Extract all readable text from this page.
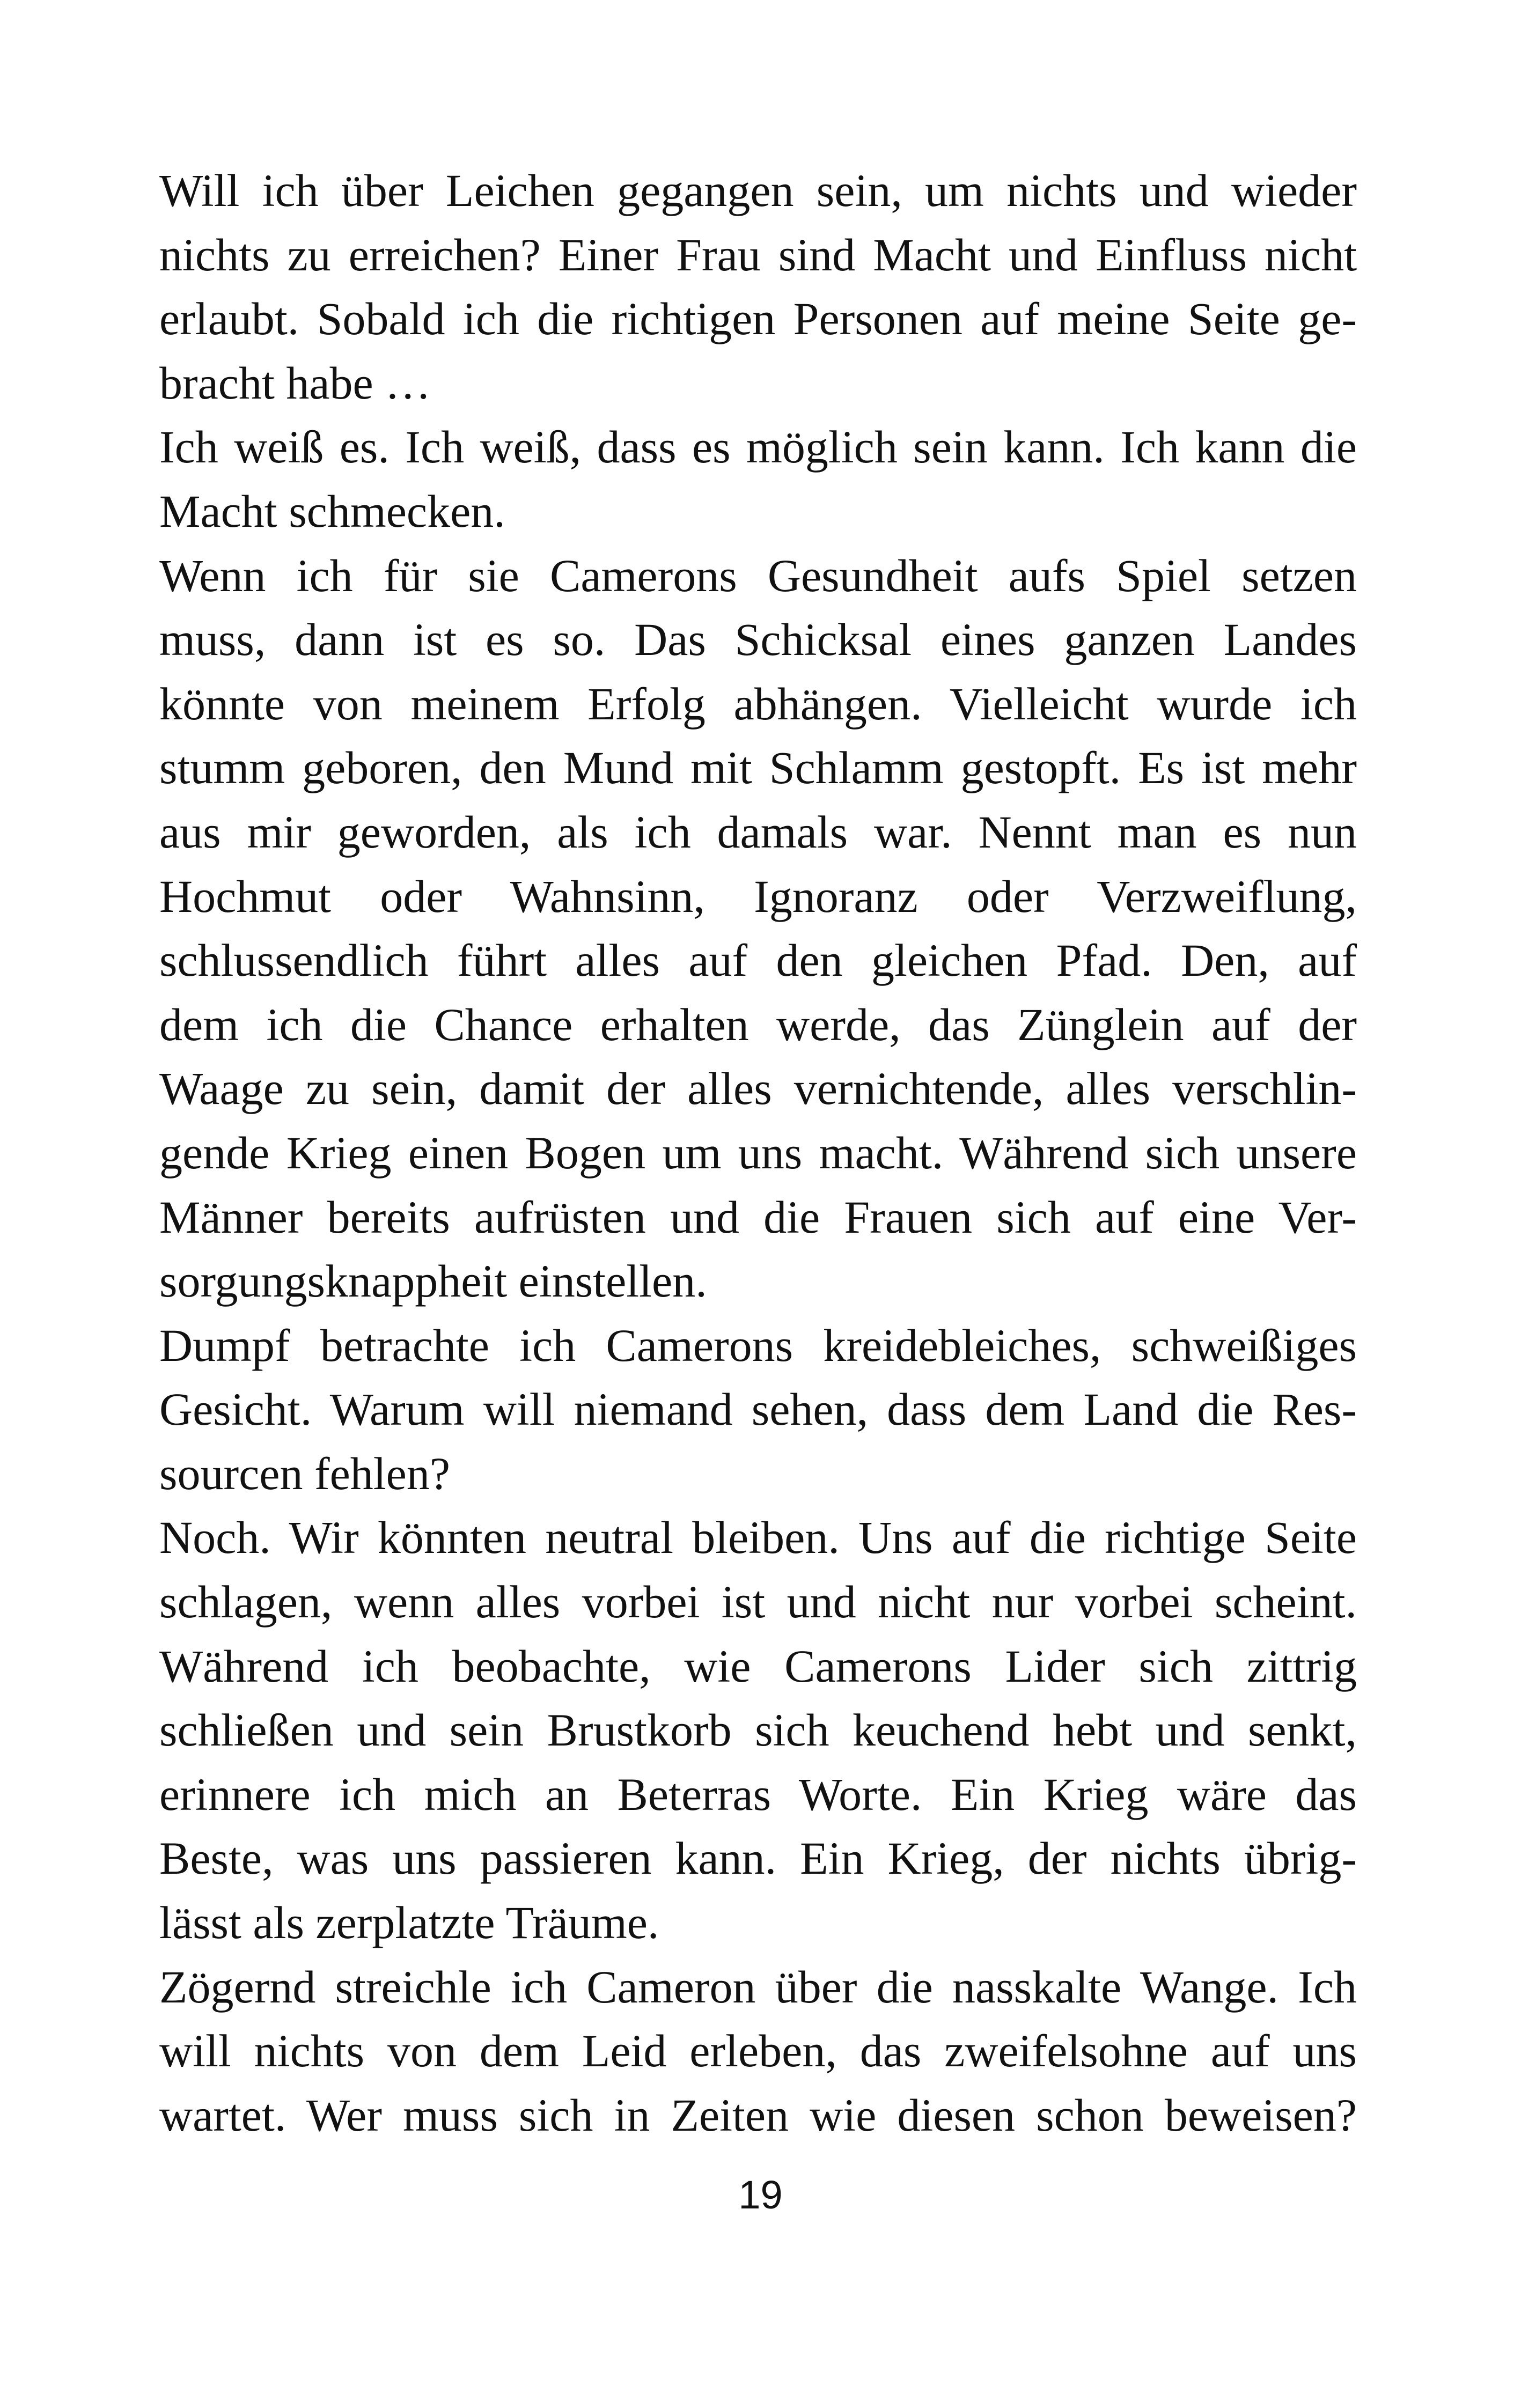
Will ich über Leichen gegangen sein, um nichts und wieder
nichts zu erreichen? Einer Frau sind Macht und Einfluss nicht
erlaubt. Sobald ich die richtigen Personen auf meine Seite ge-
bracht habe …
Ich weiß es. Ich weiß, dass es möglich sein kann. Ich kann die
Macht schmecken.
Wenn ich für sie Camerons Gesundheit aufs Spiel setzen
muss, dann ist es so. Das Schicksal eines ganzen Landes
könnte von meinem Erfolg abhängen. Vielleicht wurde ich
stumm geboren, den Mund mit Schlamm gestopft. Es ist mehr
aus mir geworden, als ich damals war. Nennt man es nun
Hochmut oder Wahnsinn, Ignoranz oder Verzweiflung,
schlussendlich führt alles auf den gleichen Pfad. Den, auf
dem ich die Chance erhalten werde, das Zünglein auf der
Waage zu sein, damit der alles vernichtende, alles verschlin-
gende Krieg einen Bogen um uns macht. Während sich unsere
Männer bereits aufrüsten und die Frauen sich auf eine Ver-
sorgungsknappheit einstellen.
Dumpf betrachte ich Camerons kreidebleiches, schweißiges
Gesicht. Warum will niemand sehen, dass dem Land die Res-
sourcen fehlen?
Noch. Wir könnten neutral bleiben. Uns auf die richtige Seite
schlagen, wenn alles vorbei ist und nicht nur vorbei scheint.
Während ich beobachte, wie Camerons Lider sich zittrig
schließen und sein Brustkorb sich keuchend hebt und senkt,
erinnere ich mich an Beterras Worte. Ein Krieg wäre das
Beste, was uns passieren kann. Ein Krieg, der nichts übrig-
lässt als zerplatzte Träume.
Zögernd streichle ich Cameron über die nasskalte Wange. Ich
will nichts von dem Leid erleben, das zweifelsohne auf uns
wartet. Wer muss sich in Zeiten wie diesen schon beweisen?
19
